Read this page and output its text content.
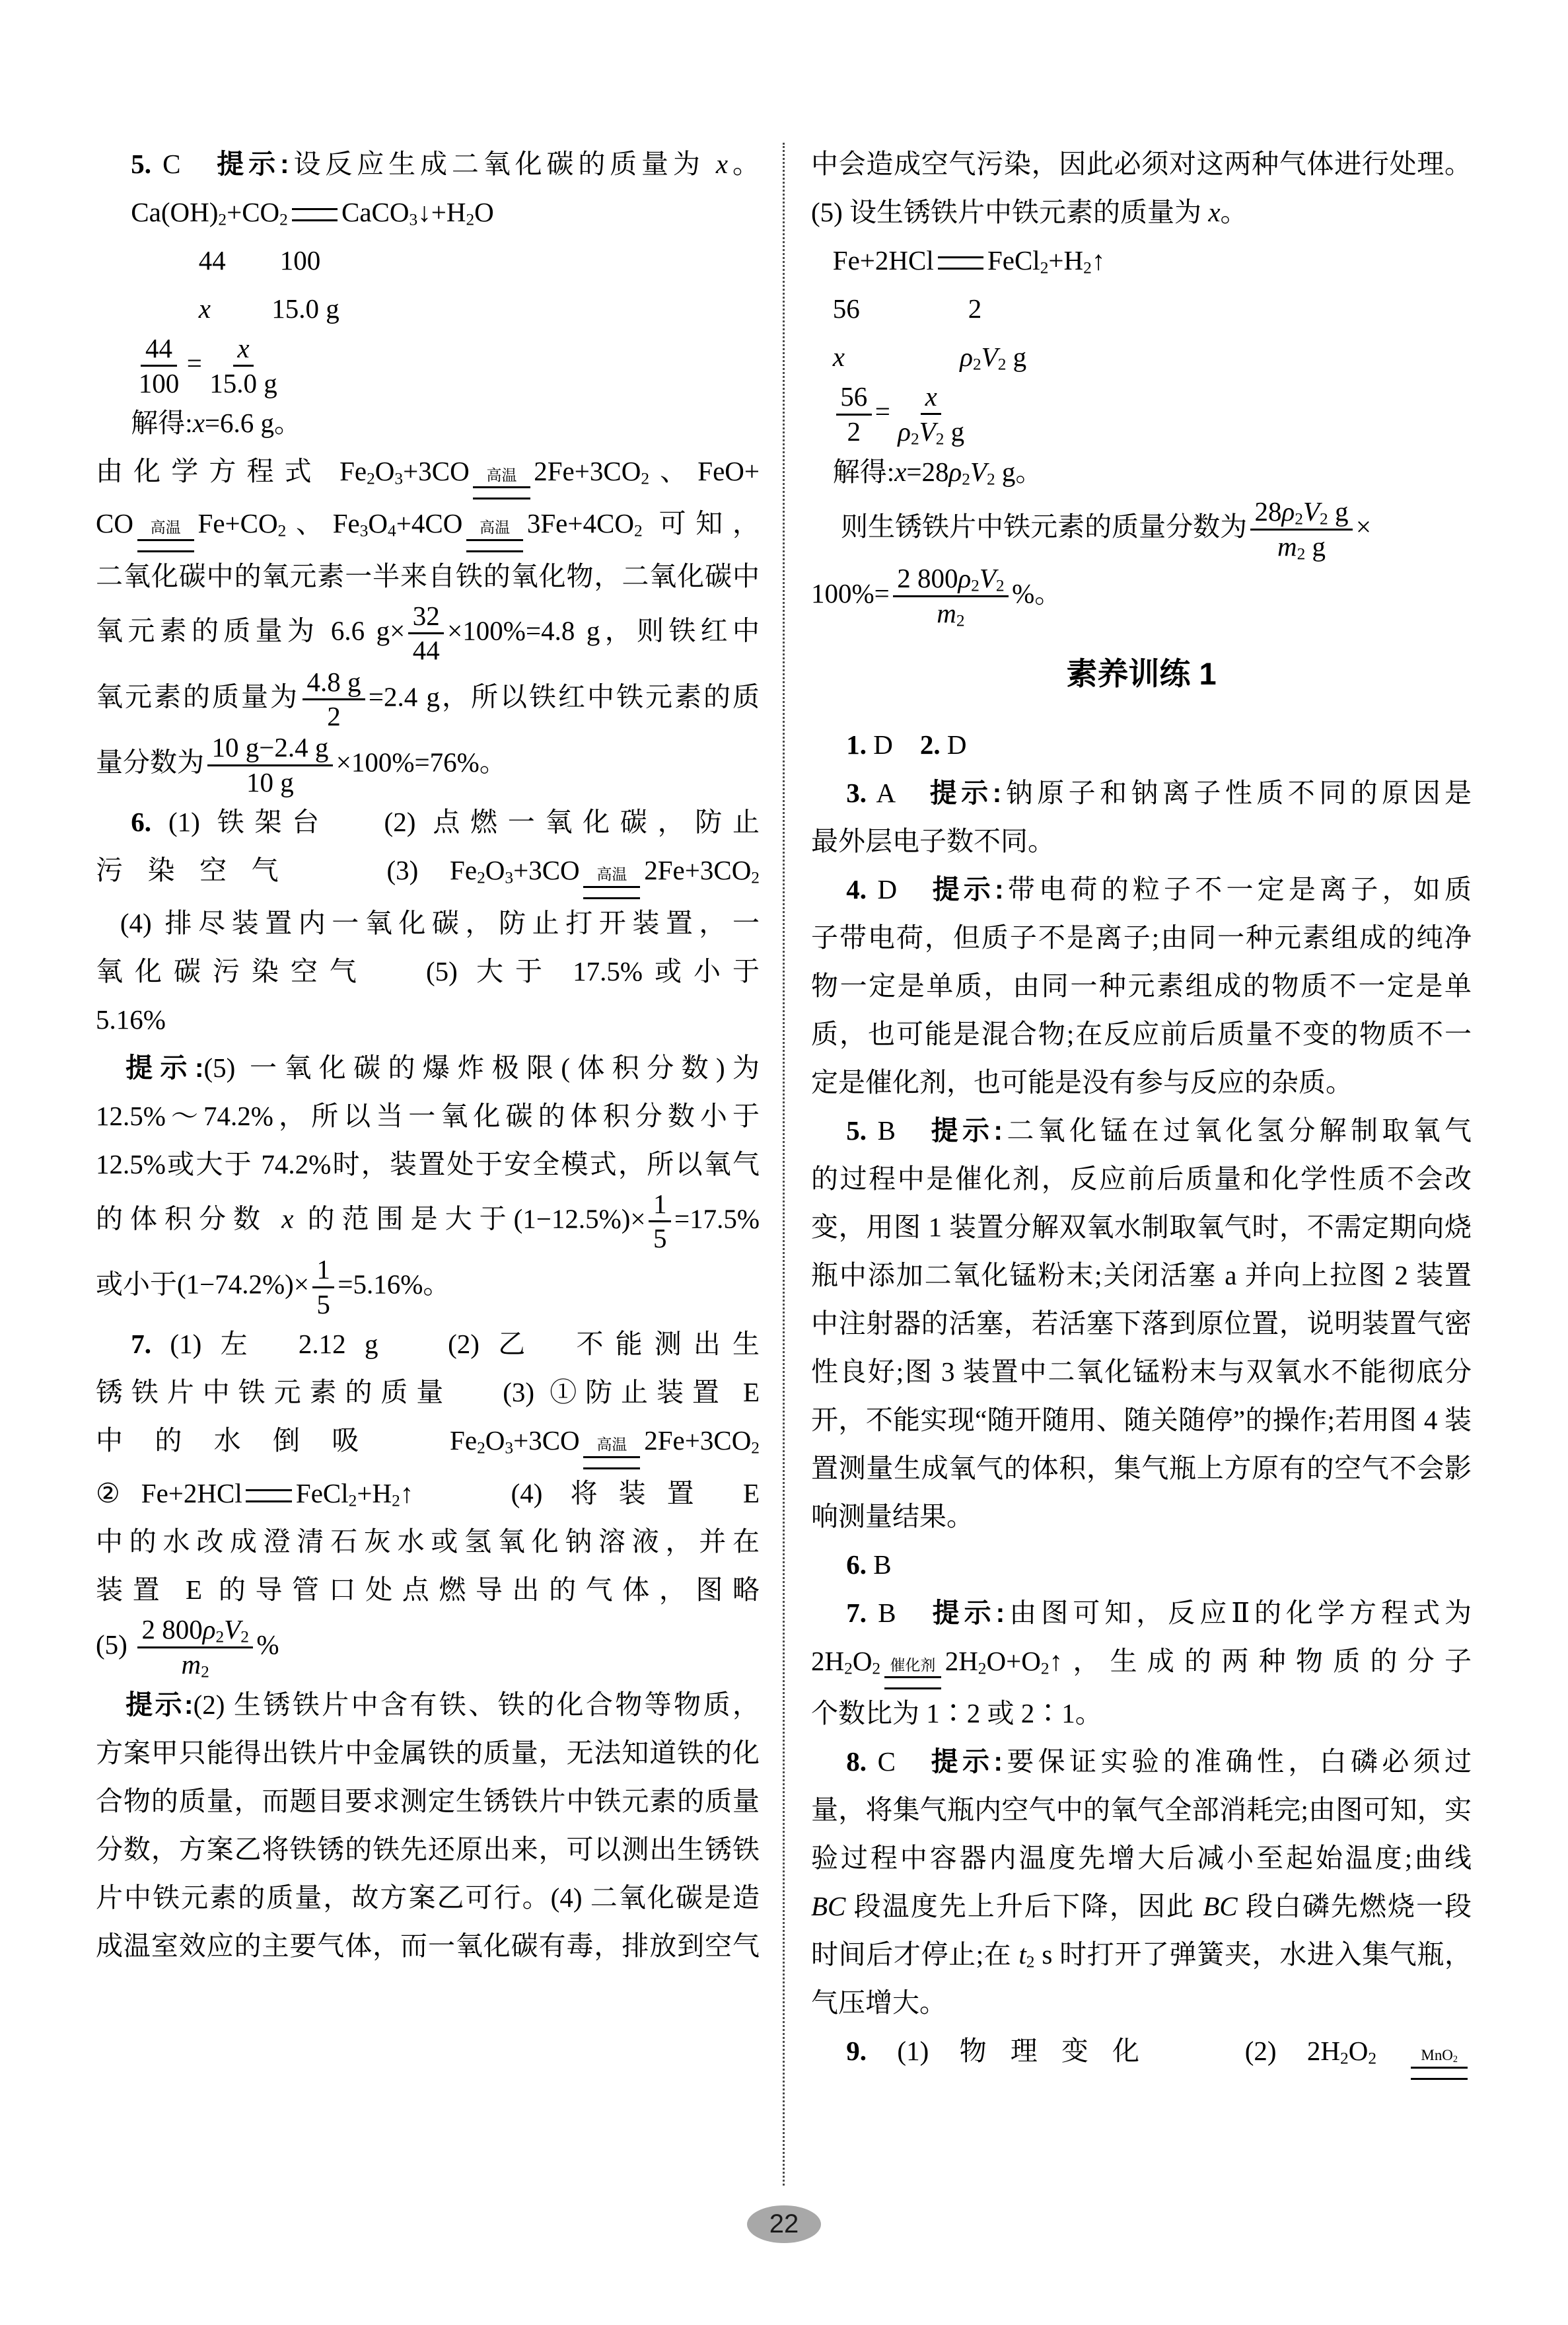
5. C　提示:设反应生成二氧化碳的质量为 x。
Ca(OH)2+CO2 CaCO3↓+H2O
44　　100
x　　 15.0 g
$\frac{44}{100} = \frac{x}{15.0 g}$
解得:x=6.6 g。
由化学方程式 Fe2O3+3CO 高温 2Fe+3CO2、FeO+
CO 高温 Fe+CO2、Fe3O4+4CO 高温 3Fe+4CO2 可知，
二氧化碳中的氧元素一半来自铁的氧化物，二氧化碳中
氧元素的质量为 6.6 $g\times \frac{32}{44} \times 100\%=4.8$ g，则铁红中
氧元素的质量为 $\frac{4.8 g}{2} =2.4$ g，所以铁红中铁元素的质
量分数为 $\frac{10 g-2.4 g}{10 g} \times 100\%=76\%$。
6. (1) 铁架台　 (2) 点燃一氧化碳，防止
污染空气　 (3) Fe2O3+3CO 高温 2Fe+3CO2
(4) 排尽装置内一氧化碳，防止打开装置，一
氧化碳污染空气　 (5) 大于 17.5%或小于
5.16%
提示:(5) 一氧化碳的爆炸极限(体积分数)为
12.5%～74.2%，所以当一氧化碳的体积分数小于
12.5%或大于 74.2%时，装置处于安全模式，所以氧气
的体积分数 x 的范围是大于$(1-12.5\%)\times \frac{1}{5} =17.5\%$
或小于$(1-74.2\%)\times \frac{1}{5} =5.16\%$。
7. (1) 左　2.12 g　 (2) 乙　不能测出生
锈铁片中铁元素的质量　 (3) ①防止装置 E
中的水倒吸　Fe2O3+3CO 高温 2Fe+3CO2
②Fe+2HCl FeCl2+H2↑　 (4) 将装置 E
中的水改成澄清石灰水或氢氧化钠溶液，并在
装置 E 的导管口处点燃导出的气体，图略
$(5) \frac{2 800\rho 2V2}{m2}$ %
提示:(2) 生锈铁片中含有铁、铁的化合物等物质，
方案甲只能得出铁片中金属铁的质量，无法知道铁的化
合物的质量，而题目要求测定生锈铁片中铁元素的质量
分数，方案乙将铁锈的铁先还原出来，可以测出生锈铁
片中铁元素的质量，故方案乙可行。(4) 二氧化碳是造
成温室效应的主要气体，而一氧化碳有毒，排放到空气
中会造成空气污染，因此必须对这两种气体进行处理。
(5) 设生锈铁片中铁元素的质量为 x。
Fe+2HCl FeCl2+H2↑
56　　　　2
x　　　　	ρ2V2 g
$\frac{56}{2} = \frac{x}{\rho 2V2 g}$
解得:x=28ρ2V2 g。
则生锈铁片中铁元素的质量分数为 $\frac{28\rho 2V2 g}{m2 g}$ ×
$100\%= \frac{2 800\rho 2V2}{m2}$ %。
素养训练 1
1. D　2. D
3. A　提示:钠原子和钠离子性质不同的原因是
最外层电子数不同。
4. D　提示:带电荷的粒子不一定是离子，如质
子带电荷，但质子不是离子;由同一种元素组成的纯净
物一定是单质，由同一种元素组成的物质不一定是单
质，也可能是混合物;在反应前后质量不变的物质不一
定是催化剂，也可能是没有参与反应的杂质。
5. B　提示:二氧化锰在过氧化氢分解制取氧气
的过程中是催化剂，反应前后质量和化学性质不会改
变，用图 1 装置分解双氧水制取氧气时，不需定期向烧
瓶中添加二氧化锰粉末;关闭活塞 a 并向上拉图 2 装置
中注射器的活塞，若活塞下落到原位置，说明装置气密
性良好;图 3 装置中二氧化锰粉末与双氧水不能彻底分
开，不能实现“随开随用、随关随停”的操作;若用图 4 装
置测量生成氧气的体积，集气瓶上方原有的空气不会影
响测量结果。
6. B
7. B　提示:由图可知，反应Ⅱ的化学方程式为
2H2O2 催化剂 2H2O+O2↑，生成的两种物质的分子
个数比为 1∶2 或 2∶1。
8. C　提示:要保证实验的准确性，白磷必须过
量，将集气瓶内空气中的氧气全部消耗完;由图可知，实
验过程中容器内温度先增大后减小至起始温度;曲线
BC 段温度先上升后下降，因此 BC 段白磷先燃烧一段
时间后才停止;在 t2 s 时打开了弹簧夹，水进入集气瓶，
气压增大。
9. (1) 物理变化　 (2) 2H2O2	MnO2
22
